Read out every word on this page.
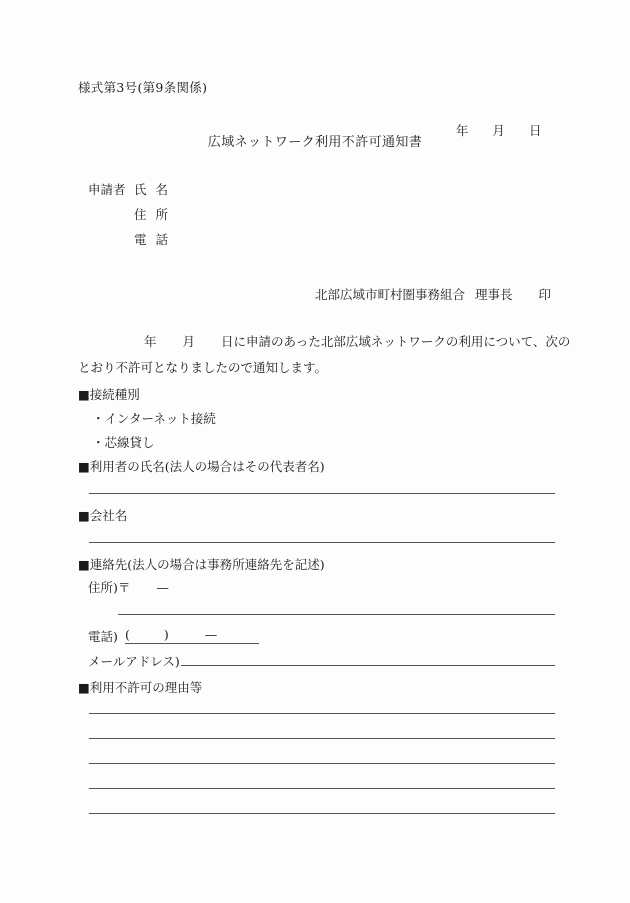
様式第3号(第9条関係)

年 月 日

広域ネットワーク利用不許可通知書
申請者 氏 名
住 所
電 話
北部広域市町村圏事務組合 理事長 印
年 月 日に申請のあった北部広域ネットワークの利用について、次の
とおり不許可となりましたので通知します。
■接続種別
・インターネット接続
・芯線貸し
■利用者の氏名(法人の場合はその代表者名)
■会社名
■連絡先(法人の場合は事務所連絡先を記述)
住所)〒 —
電話) (	)	—
メールアドレス)
■利用不許可の理由等
